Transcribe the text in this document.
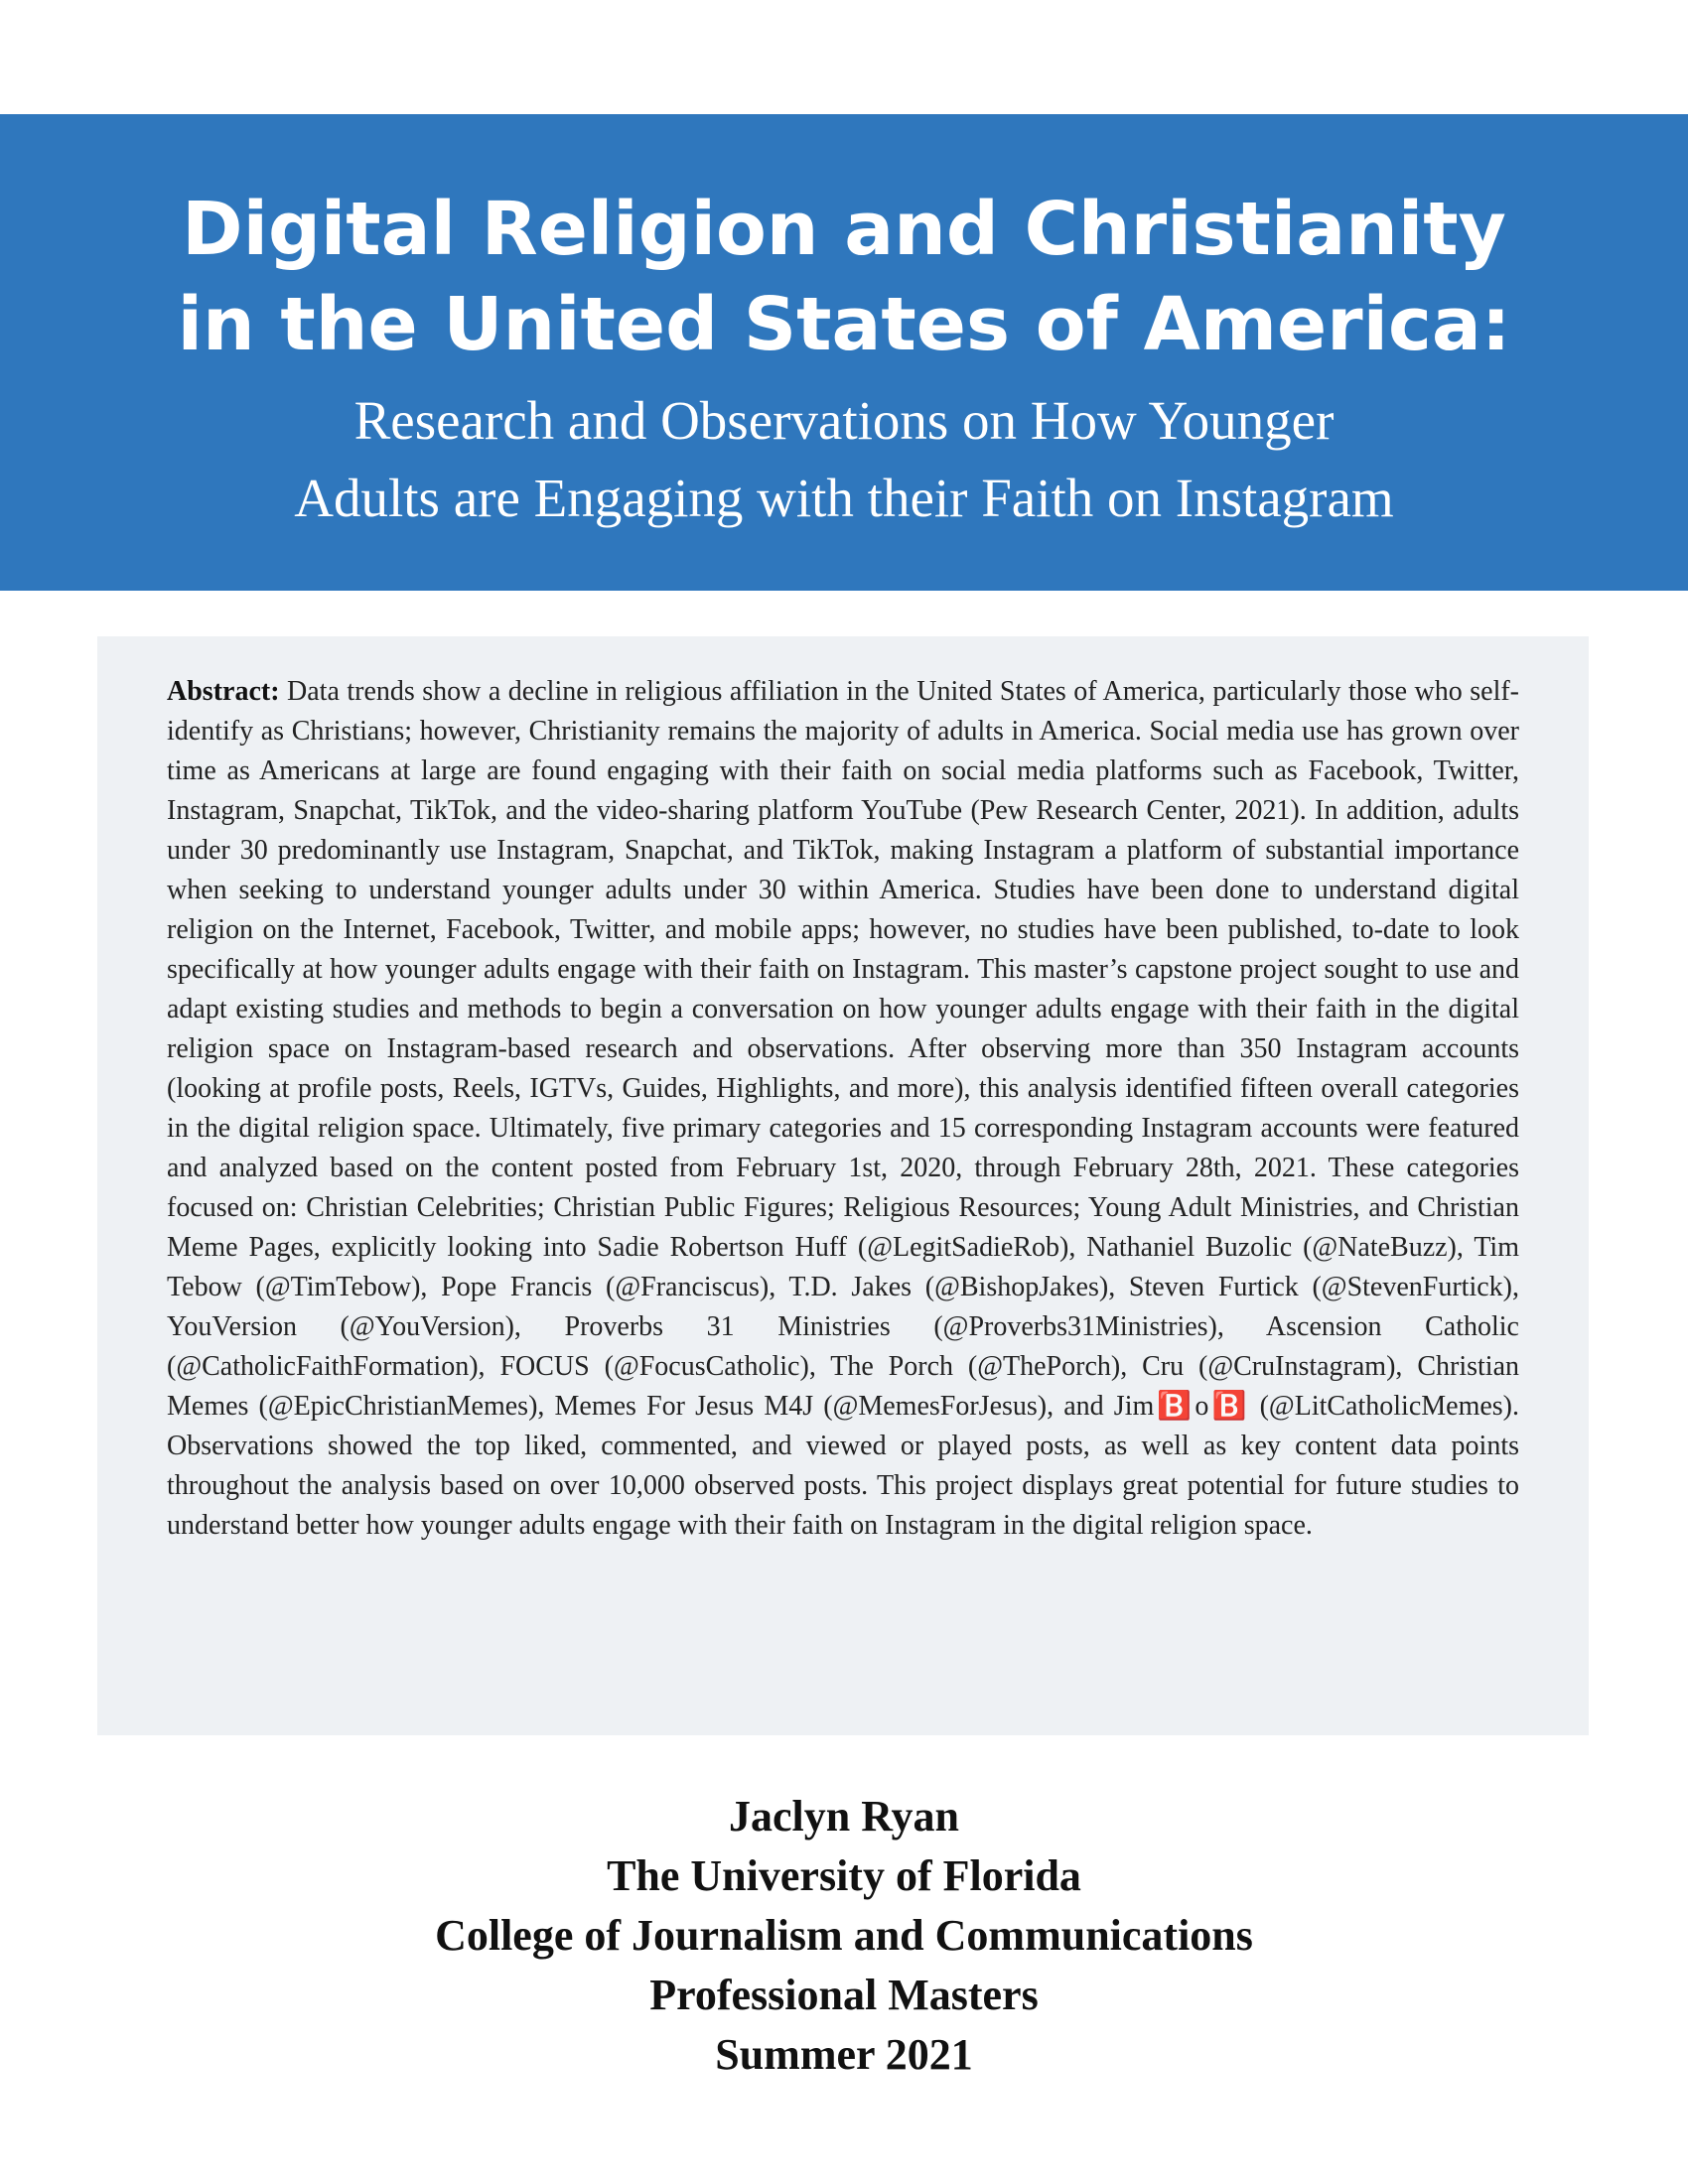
Digital Religion and Christianity
in the United States of America:
Research and Observations on How Younger
Adults are Engaging with their Faith on Instagram

Abstract: Data trends show a decline in religious affiliation in the United States of America, particularly those who self-identify as Christians; however, Christianity remains the majority of adults in America. Social media use has grown over time as Americans at large are found engaging with their faith on social media platforms such as Facebook, Twitter, Instagram, Snapchat, TikTok, and the video-sharing platform YouTube (Pew Research Center, 2021). In addition, adults under 30 predominantly use Instagram, Snapchat, and TikTok, making Instagram a platform of substantial importance when seeking to understand younger adults under 30 within America. Studies have been done to understand digital religion on the Internet, Facebook, Twitter, and mobile apps; however, no studies have been published, to-date to look specifically at how younger adults engage with their faith on Instagram. This master’s capstone project sought to use and adapt existing studies and methods to begin a conversation on how younger adults engage with their faith in the digital religion space on Instagram-based research and observations. After observing more than 350 Instagram accounts (looking at profile posts, Reels, IGTVs, Guides, Highlights, and more), this analysis identified fifteen overall categories in the digital religion space. Ultimately, five primary categories and 15 corresponding Instagram accounts were featured and analyzed based on the content posted from February 1st, 2020, through February 28th, 2021. These categories focused on: Christian Celebrities; Christian Public Figures; Religious Resources; Young Adult Ministries, and Christian Meme Pages, explicitly looking into Sadie Robertson Huff (@LegitSadieRob), Nathaniel Buzolic (@NateBuzz), Tim Tebow (@TimTebow), Pope Francis (@Franciscus), T.D. Jakes (@BishopJakes), Steven Furtick (@StevenFurtick), YouVersion (@YouVersion), Proverbs 31 Ministries (@Proverbs31Ministries), Ascension Catholic (@CatholicFaithFormation), FOCUS (@FocusCatholic), The Porch (@ThePorch), Cru (@CruInstagram), Christian Memes (@EpicChristianMemes), Memes For Jesus M4J (@MemesForJesus), and Jim🅱️o🅱️ (@LitCatholicMemes). Observations showed the top liked, commented, and viewed or played posts, as well as key content data points throughout the analysis based on over 10,000 observed posts. This project displays great potential for future studies to understand better how younger adults engage with their faith on Instagram in the digital religion space.

Jaclyn Ryan
The University of Florida
College of Journalism and Communications
Professional Masters
Summer 2021
